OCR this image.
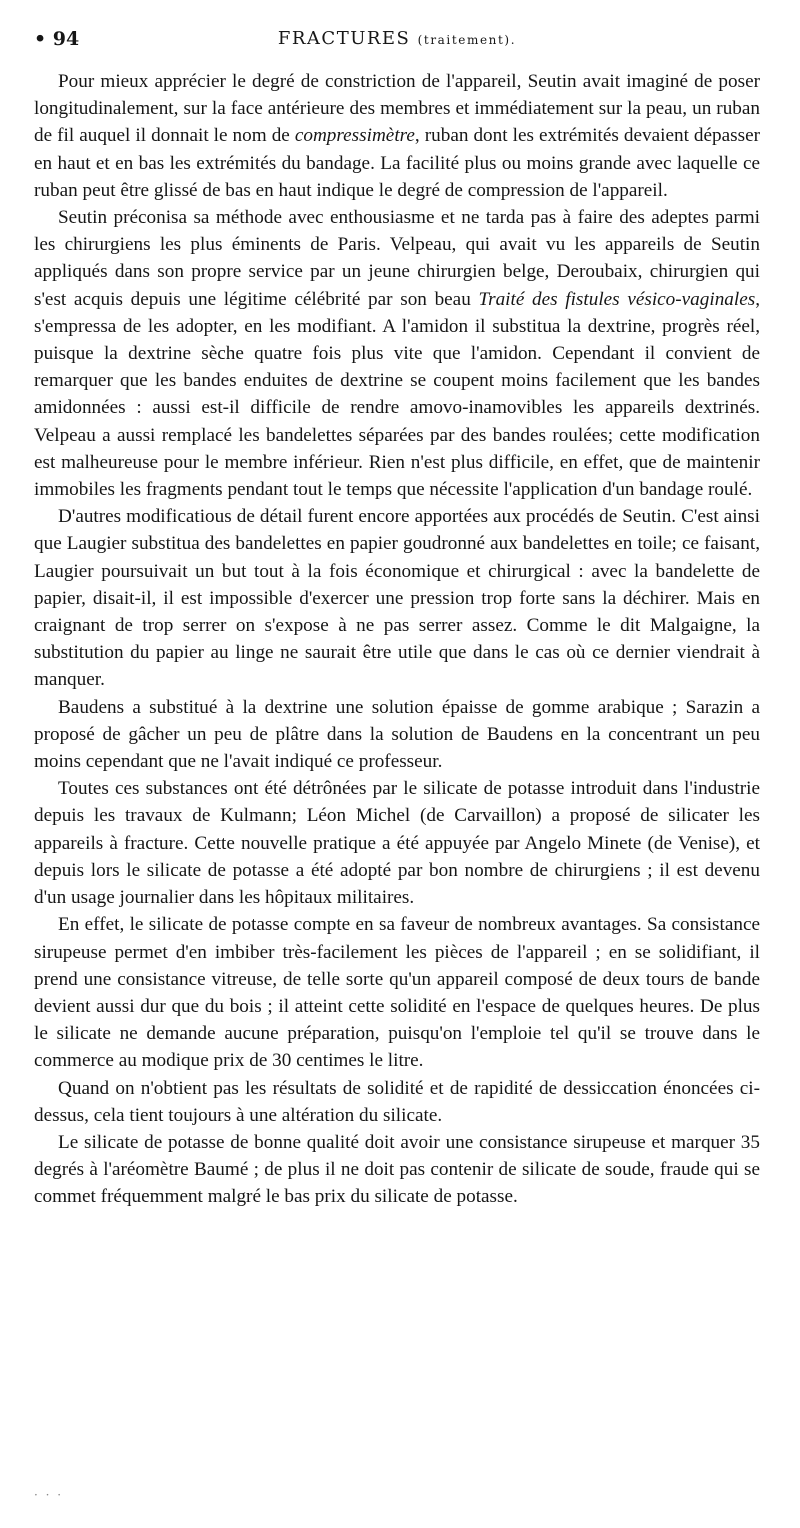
• 94	FRACTURES (traitement).

Pour mieux apprécier le degré de constriction de l'appareil, Seutin avait imaginé de poser longitudinalement, sur la face antérieure des membres et immédiatement sur la peau, un ruban de fil auquel il donnait le nom de compressimètre, ruban dont les extrémités devaient dépasser en haut et en bas les extrémités du bandage. La facilité plus ou moins grande avec laquelle ce ruban peut être glissé de bas en haut indique le degré de compression de l'appareil.

Seutin préconisa sa méthode avec enthousiasme et ne tarda pas à faire des adeptes parmi les chirurgiens les plus éminents de Paris. Velpeau, qui avait vu les appareils de Seutin appliqués dans son propre service par un jeune chirurgien belge, Deroubaix, chirurgien qui s'est acquis depuis une légitime célébrité par son beau Traité des fistules vésico-vaginales, s'empressa de les adopter, en les modifiant. A l'amidon il substitua la dextrine, progrès réel, puisque la dextrine sèche quatre fois plus vite que l'amidon. Cependant il convient de remarquer que les bandes enduites de dextrine se coupent moins facilement que les bandes amidonnées : aussi est-il difficile de rendre amovo-inamovibles les appareils dextrinés. Velpeau a aussi remplacé les bandelettes séparées par des bandes roulées; cette modification est malheureuse pour le membre inférieur. Rien n'est plus difficile, en effet, que de maintenir immobiles les fragments pendant tout le temps que nécessite l'application d'un bandage roulé.

D'autres modificatious de détail furent encore apportées aux procédés de Seutin. C'est ainsi que Laugier substitua des bandelettes en papier goudronné aux bandelettes en toile; ce faisant, Laugier poursuivait un but tout à la fois économique et chirurgical : avec la bandelette de papier, disait-il, il est impossible d'exercer une pression trop forte sans la déchirer. Mais en craignant de trop serrer on s'expose à ne pas serrer assez. Comme le dit Malgaigne, la substitution du papier au linge ne saurait être utile que dans le cas où ce dernier viendrait à manquer.

Baudens a substitué à la dextrine une solution épaisse de gomme arabique ; Sarazin a proposé de gâcher un peu de plâtre dans la solution de Baudens en la concentrant un peu moins cependant que ne l'avait indiqué ce professeur.

Toutes ces substances ont été détrônées par le silicate de potasse introduit dans l'industrie depuis les travaux de Kulmann; Léon Michel (de Carvaillon) a proposé de silicater les appareils à fracture. Cette nouvelle pratique a été appuyée par Angelo Minete (de Venise), et depuis lors le silicate de potasse a été adopté par bon nombre de chirurgiens ; il est devenu d'un usage journalier dans les hôpitaux militaires.

En effet, le silicate de potasse compte en sa faveur de nombreux avantages. Sa consistance sirupeuse permet d'en imbiber très-facilement les pièces de l'appareil ; en se solidifiant, il prend une consistance vitreuse, de telle sorte qu'un appareil composé de deux tours de bande devient aussi dur que du bois ; il atteint cette solidité en l'espace de quelques heures. De plus le silicate ne demande aucune préparation, puisqu'on l'emploie tel qu'il se trouve dans le commerce au modique prix de 30 centimes le litre.

Quand on n'obtient pas les résultats de solidité et de rapidité de dessiccation énoncées ci-dessus, cela tient toujours à une altération du silicate.

Le silicate de potasse de bonne qualité doit avoir une consistance sirupeuse et marquer 35 degrés à l'aréomètre Baumé ; de plus il ne doit pas contenir de silicate de soude, fraude qui se commet fréquemment malgré le bas prix du silicate de potasse.

· · ·
